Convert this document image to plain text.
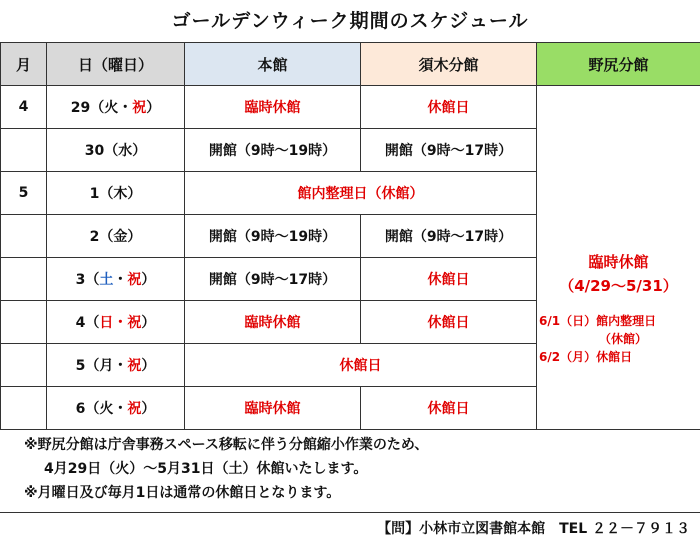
ゴールデンウィーク期間のスケジュール
月	日（曜日）	本館	須木分館	野尻分館
4	29（火・祝）	臨時休館	休館日	臨時休館
（4/29～5/31）
6/1（日）館内整理日
（休館）
6/2（月）休館日

	30（水）	開館（9時～19時）	開館（9時～17時）	
5	1（木）	館内整理日（休館）		
	2（金）	開館（9時～19時）	開館（9時～17時）	
	3（土・祝）	開館（9時～17時）	休館日	
	4（日・祝）	臨時休館	休館日	
	5（月・祝）	休館日		
	6（火・祝）	臨時休館	休館日	
※野尻分館は庁舎事務スペース移転に伴う分館縮小作業のため、
4月29日（火）～5月31日（土）休館いたします。
※月曜日及び毎月1日は通常の休館日となります。
【問】小林市立図書館本館　TEL ２２－７９１３
